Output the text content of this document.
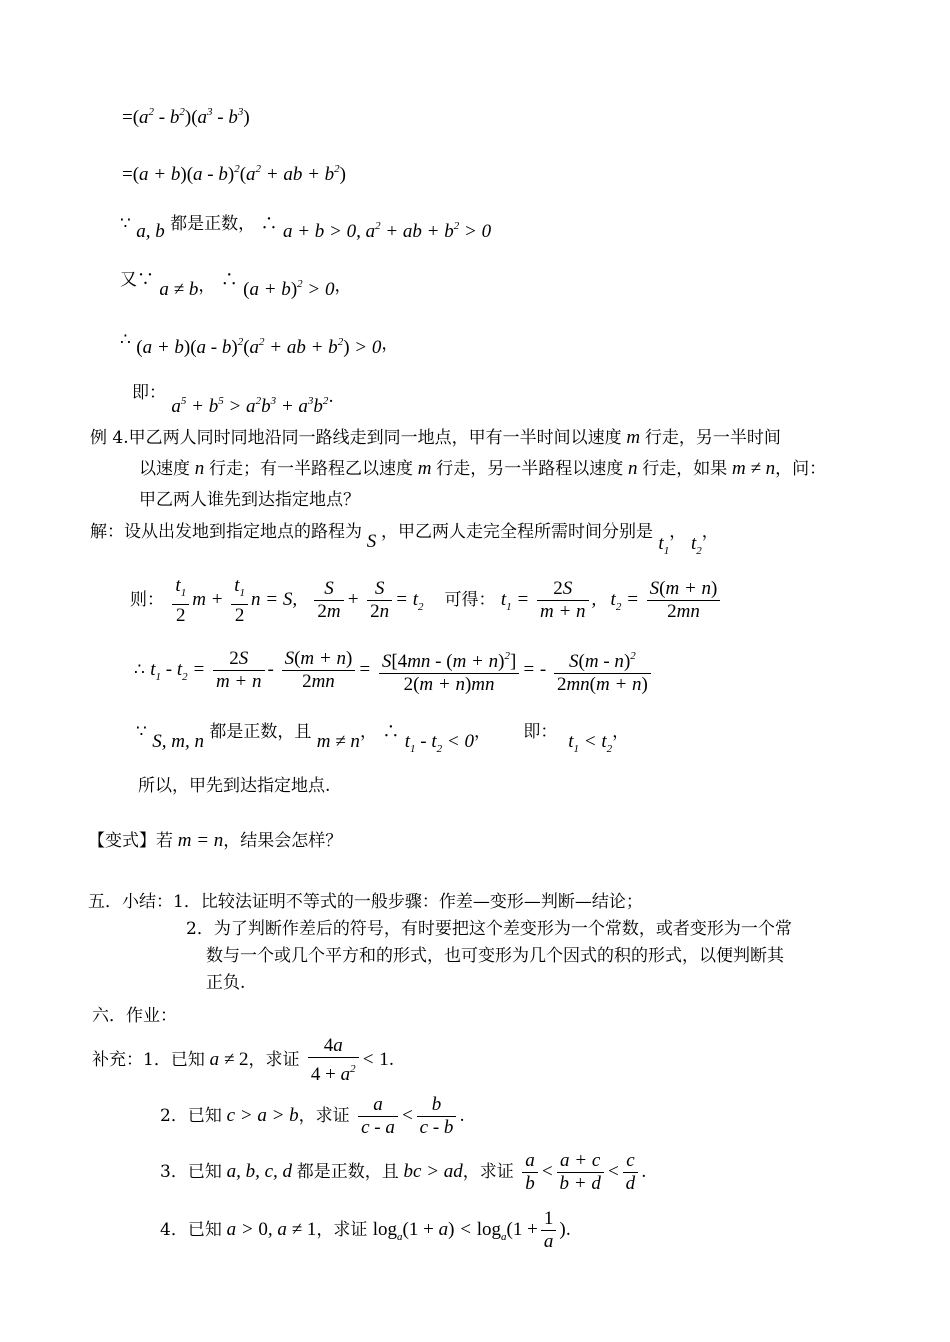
$=(a^2 - b^2)(a^3 - b^3)$
$=(a + b)(a - b)^2(a^2$ + ab + $b^2$)
∵ a, b 都是正数， ∴ a + b > 0, $a^2$ + ab + $b^2 > 0$
又∵ a ≠ b， ∴ $(a + b)^2 > 0$，
∴ $(a + b)(a - b)^2(a^2$ + ab + $b^2) > 0$，
即： $a^5 + b^5 > a^2b^3 + a^3b^2$.
例 4.甲乙两人同时同地沿同一路线走到同一地点，甲有一半时间以速度 m 行走，另一半时间
以速度 n 行走；有一半路程乙以速度 m 行走，另一半路程以速度 n 行走，如果 m ≠ n，问：
甲乙两人谁先到达指定地点？
解：设从出发地到指定地点的路程为 S ，甲乙两人走完全程所需时间分别是 $t_1$， $t_2$，
则： $\frac{t_1}{2}$ $m + \frac{t_1}{2}$ n = S, $\frac{S}{2m} + \frac{S}{2n} = t_2$ 可得： $t_1 = \frac{2S}{m + n}$ ,   $t_2 = \frac{S(m + n)}{2mn}$
∴ $t_1 - t_2 = \frac{2S}{m + n} - \frac{S(m + n)}{2mn} = \frac{S[4mn - (m + n)^2]}{2(m + n)mn}$ = - $\frac{S(m - n)^2}{2mn(m + n)}$
∵ S, m, n 都是正数，且 m ≠ n， ∴ $t_1 - t_2 < 0$，      即： $t_1 < t_2$，
所以，甲先到达指定地点.
【变式】若 m = n，结果会怎样？
五．小结：1．比较法证明不等式的一般步骤：作差—变形—判断—结论；
2．为了判断作差后的符号，有时要把这个差变形为一个常数，或者变形为一个常
数与一个或几个平方和的形式，也可变形为几个因式的积的形式，以便判断其
正负.
六．作业：
补充：1．已知 a ≠ 2，求证 $\frac{4a}{4 + a^2} < 1$.
2．已知 c > a > b，求证 $\frac{a}{c - a} < \frac{b}{c - b}$ .
3．已知 a, b, c, d 都是正数，且 bc > ad，求证 $\frac{a}{b} < \frac{a + c}{b + d} < \frac{c}{d}$ .
4．已知 a > 0, a ≠ 1，求证 $\log_a(1 + a) < \log_a(1 + \frac{1}{a}$ ).
